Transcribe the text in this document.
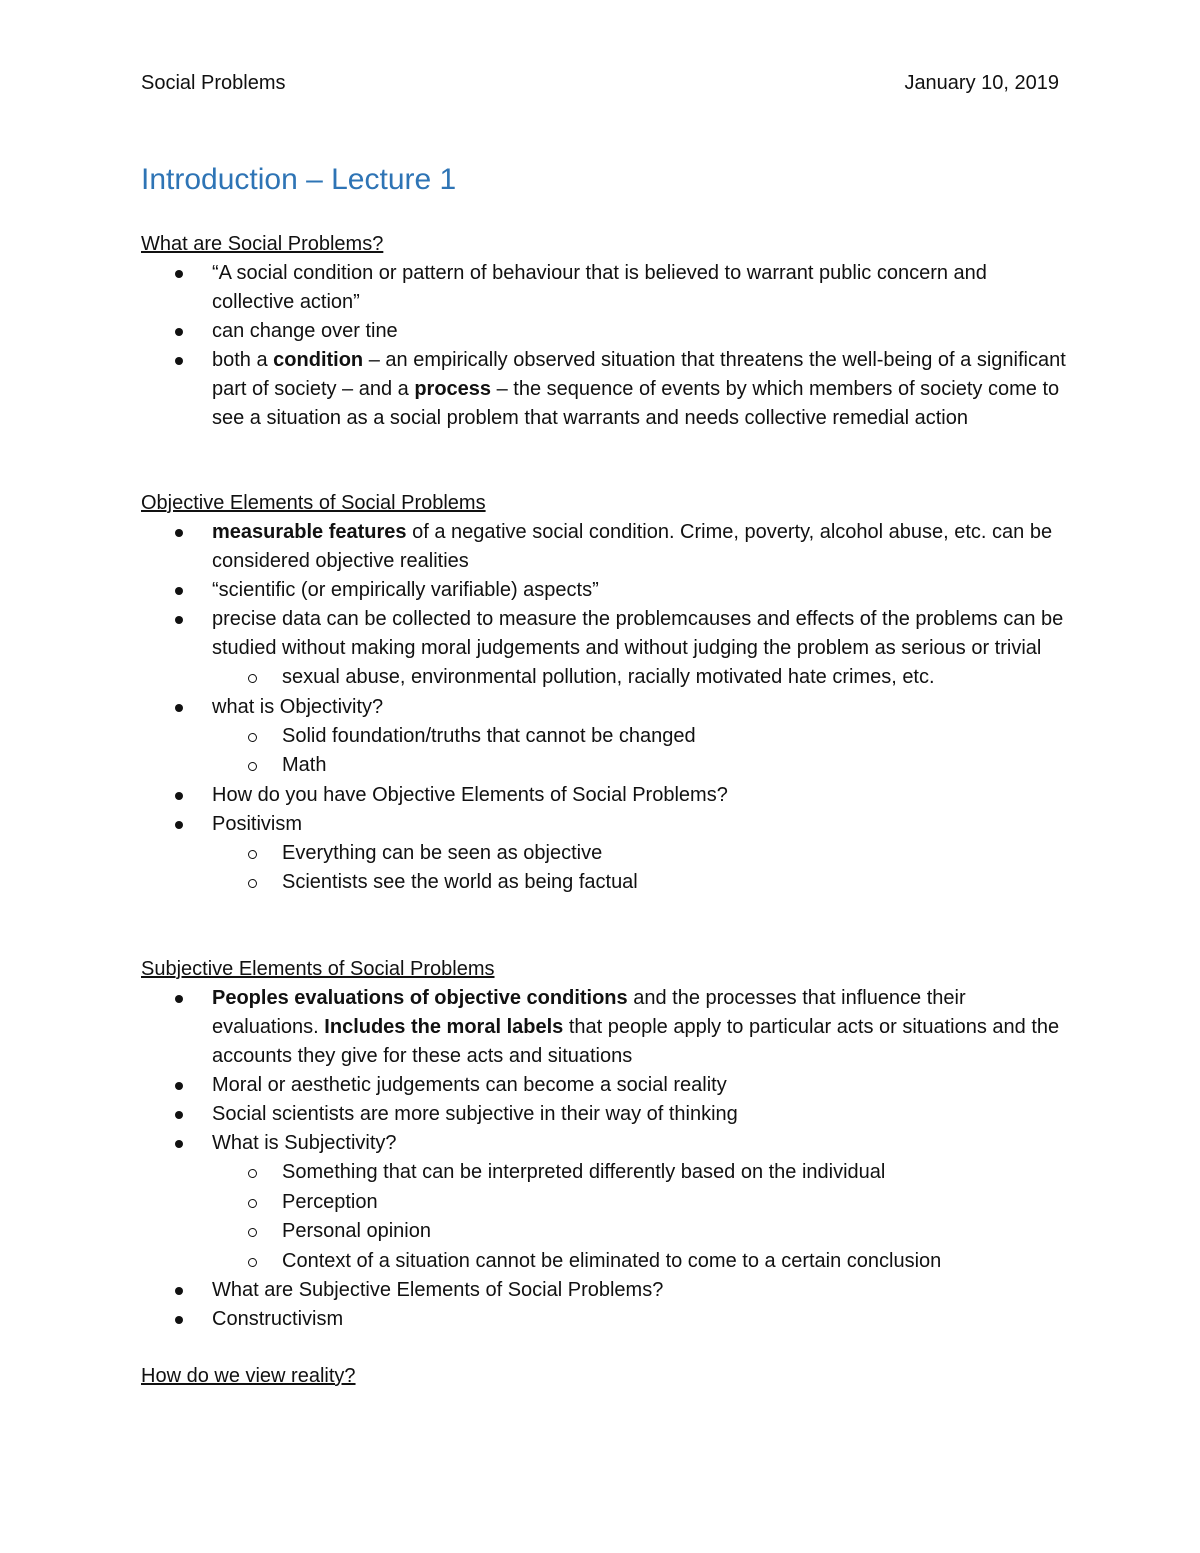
Social Problems	January 10, 2019
Introduction – Lecture 1
What are Social Problems?
“A social condition or pattern of behaviour that is believed to warrant public concern and collective action”
can change over tine
both a condition – an empirically observed situation that threatens the well-being of a significant part of society – and a process – the sequence of events by which members of society come to see a situation as a social problem that warrants and needs collective remedial action
Objective Elements of Social Problems
measurable features of a negative social condition. Crime, poverty, alcohol abuse, etc. can be considered objective realities
“scientific (or empirically varifiable) aspects”
precise data can be collected to measure the problemcauses and effects of the problems can be studied without making moral judgements and without judging the problem as serious or trivial
sexual abuse, environmental pollution, racially motivated hate crimes, etc.
what is Objectivity?
Solid foundation/truths that cannot be changed
Math
How do you have Objective Elements of Social Problems?
Positivism
Everything can be seen as objective
Scientists see the world as being factual
Subjective Elements of Social Problems
Peoples evaluations of objective conditions and the processes that influence their evaluations. Includes the moral labels that people apply to particular acts or situations and the accounts they give for these acts and situations
Moral or aesthetic judgements can become a social reality
Social scientists are more subjective in their way of thinking
What is Subjectivity?
Something that can be interpreted differently based on the individual
Perception
Personal opinion
Context of a situation cannot be eliminated to come to a certain conclusion
What are Subjective Elements of Social Problems?
Constructivism
How do we view reality?
